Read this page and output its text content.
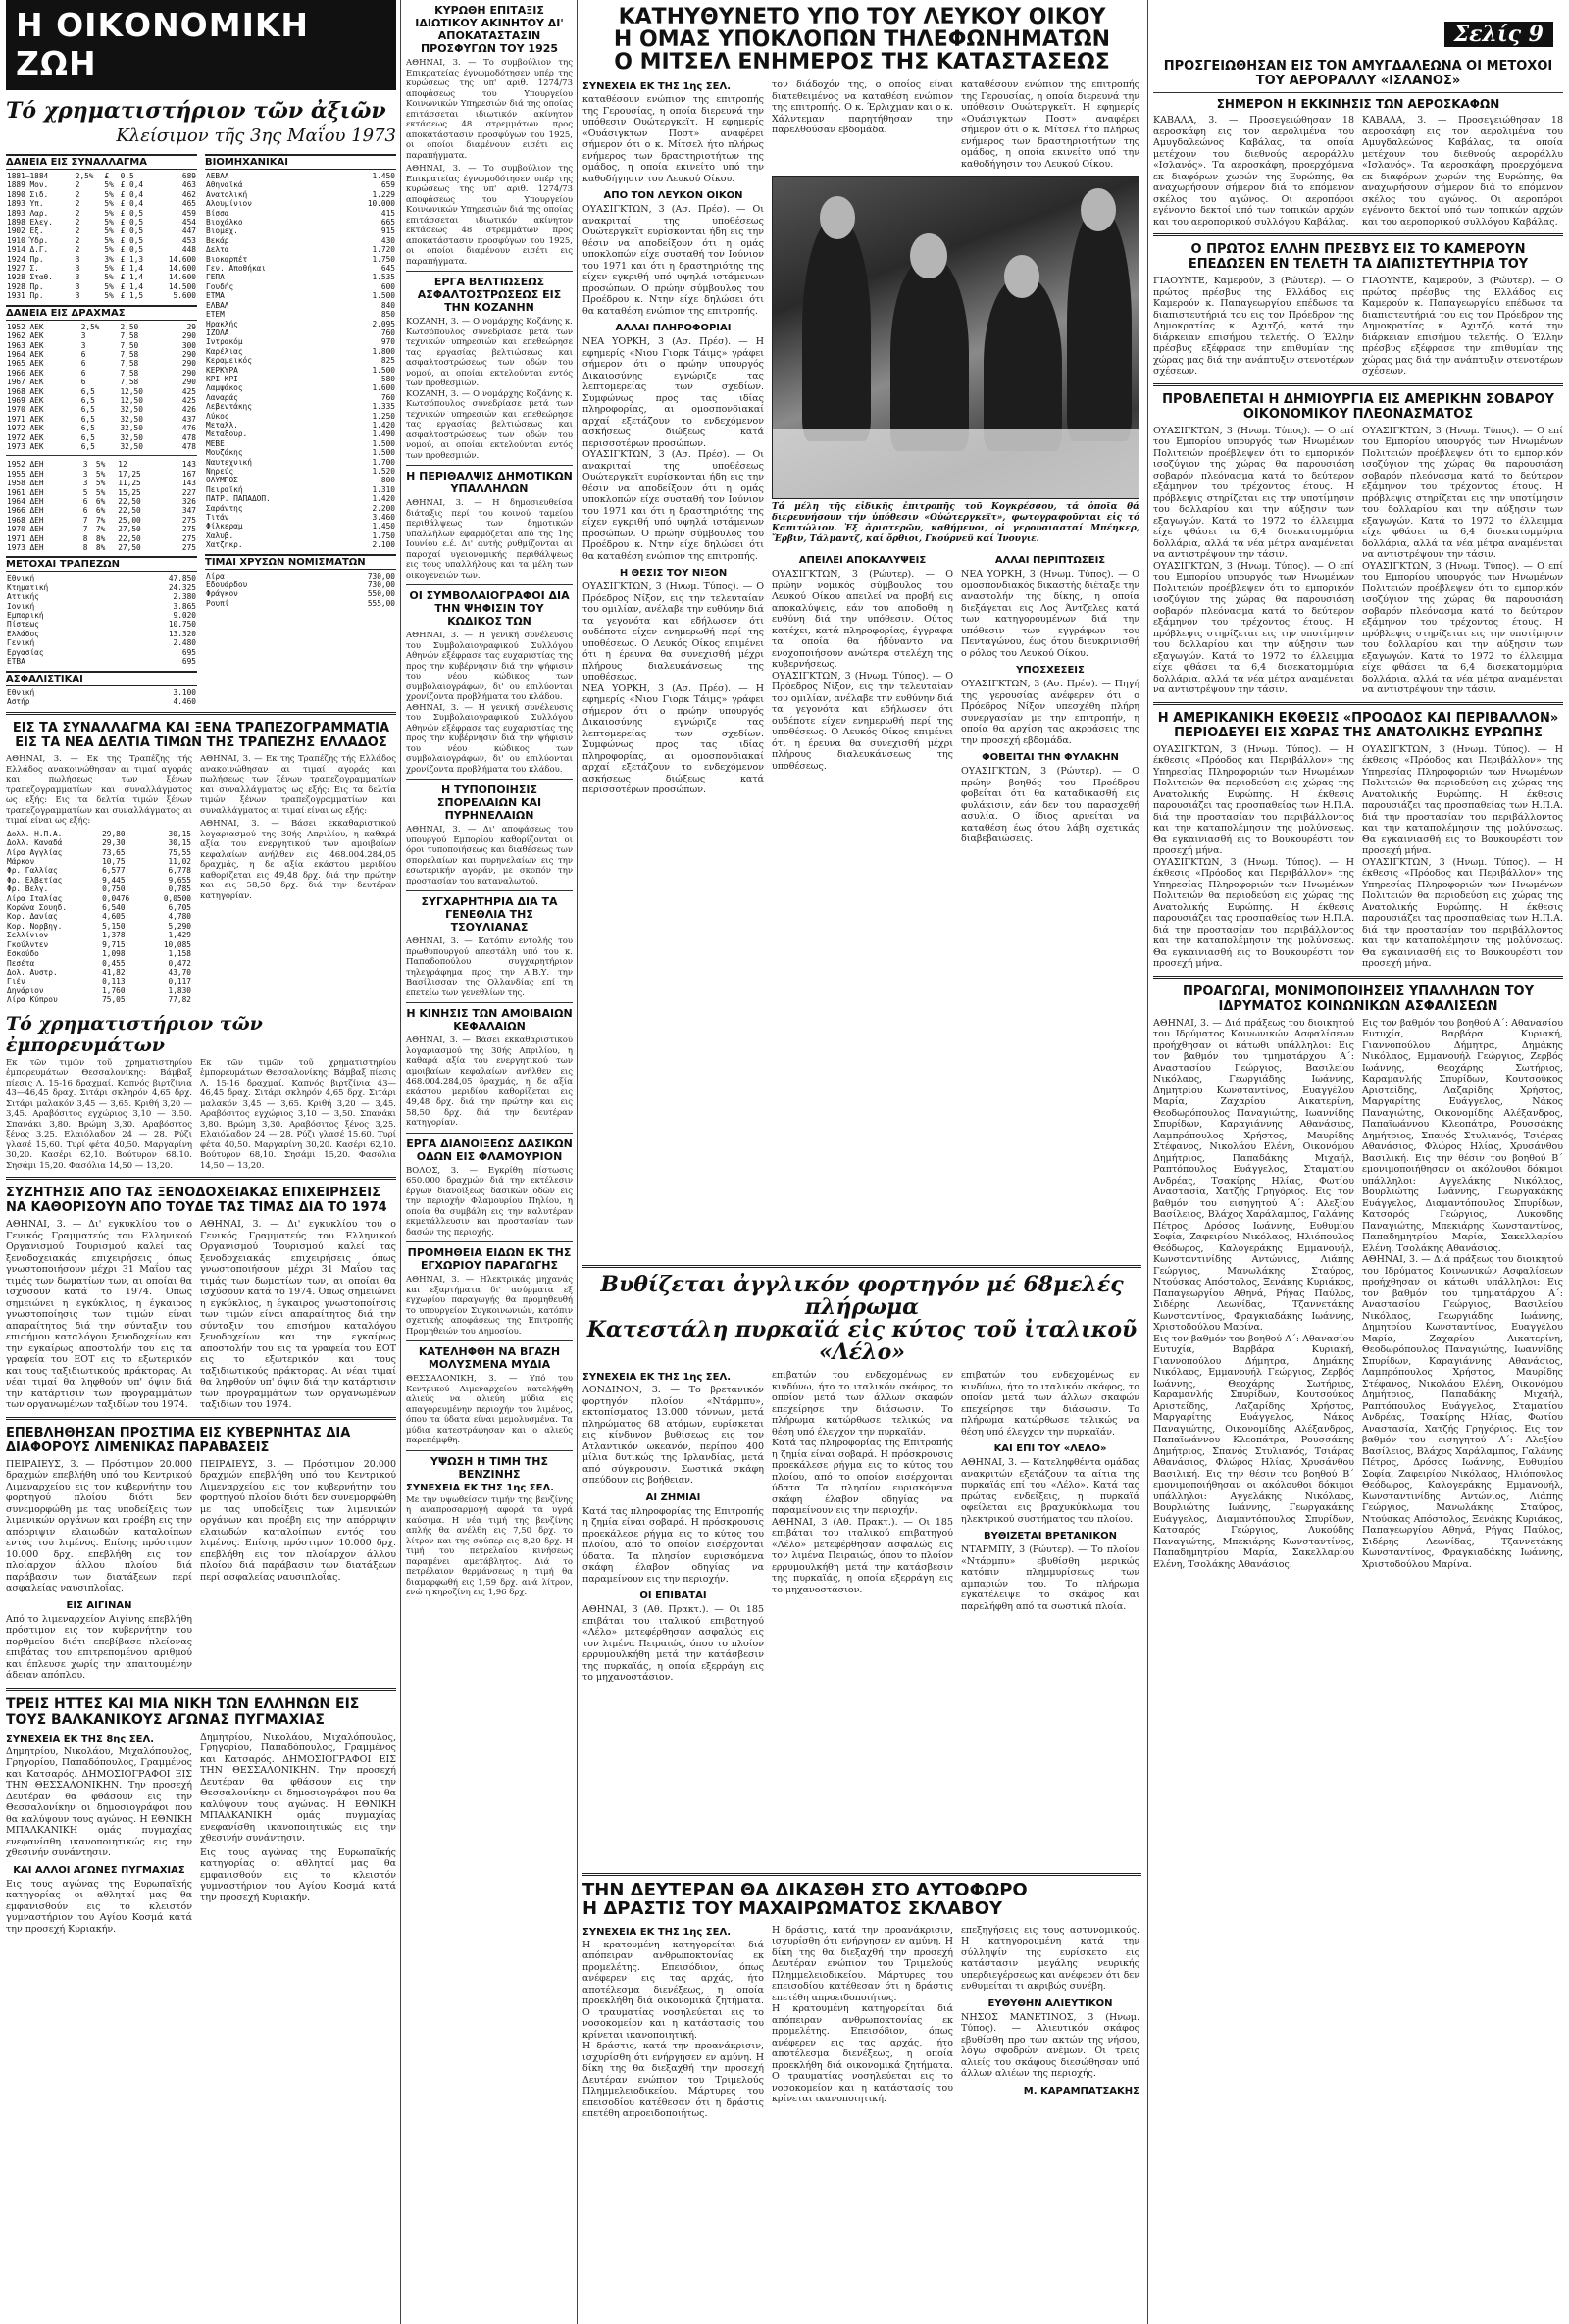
Σελίς 9
Η ΟΙΚΟΝΟΜΙΚΗ ΖΩΗ
Τό χρηματιστήριον τῶν ἀξιῶν
Κλείσιμον τῆς 3ης Μαΐου 1973
ΔΑΝΕΙΑ ΕΙΣ ΣΥΝΑΛΛΑΓΜΑ
1881—1884	2,5%	£	0,5	689
1889 Μον.	2	5%	£ 0,4	463
1890 Σιδ.	2	5%	£ 0,4	462
1893 Υπ.	2	5%	£ 0,4	465
1893 Λαρ.	2	5%	£ 0,5	459
1898 Ελεγ.	2	5%	£ 0,5	454
1902 Εξ.	2	5%	£ 0,5	447
1910 Ύδρ.	2	5%	£ 0,5	453
1914 Δ.Γ.	2	5%	£ 0,5	448
1924 Πρ.	3	3%	£ 1,3	14.600
1927 Σ.	3	5%	£ 1,4	14.600
1928 Σταθ.	3	5%	£ 1,4	14.600
1928 Πρ.	3	5%	£ 1,4	14.500
1931 Πρ.	3	5%	£ 1,5	5.600
ΔΑΝΕΙΑ ΕΙΣ ΔΡΑΧΜΑΣ
1952 ΑΕΚ	2,5%	2,50	29
1962 ΑΕΚ	3	7,58	290
1963 ΑΕΚ	3	7,50	300
1964 ΑΕΚ	6	7,58	290
1965 ΑΕΚ	6	7,58	290
1966 ΑΕΚ	6	7,58	290
1967 ΑΕΚ	6	7,58	290
1968 ΑΕΚ	6,5	12,50	425
1969 ΑΕΚ	6,5	12,50	425
1970 ΑΕΚ	6,5	32,50	426
1971 ΑΕΚ	6,5	32,50	437
1972 ΑΕΚ	6,5	32,50	476
1972 ΑΕΚ	6,5	32,50	478
1973 ΑΕΚ	6,5	32,50	478
1952 ΔΕΗ	3	5%	12	143
1955 ΔΕΗ	3	5%	17,25	167
1958 ΔΕΗ	3	5%	11,25	143
1961 ΔΕΗ	5	5%	15,25	227
1964 ΔΕΗ	6	6%	22,50	326
1966 ΔΕΗ	6	6%	22,50	347
1968 ΔΕΗ	7	7%	25,00	275
1970 ΔΕΗ	7	7%	27,50	275
1971 ΔΕΗ	8	8%	22,50	275
1973 ΔΕΗ	8	8%	27,50	275
ΜΕΤΟΧΑΙ ΤΡΑΠΕΖΩΝ
Εθνική	47.850
Κτηματική	24.325
Αττικής	2.380
Ιονική	3.865
Εμπορική	9.020
Πίστεως	10.750
Ελλάδος	13.320
Γενική	2.480
Εργασίας	695
ΕΤΒΑ	695
ΑΣΦΑΛΙΣΤΙΚΑΙ
Εθνική	3.100
Αστήρ	4.460
ΒΙΟΜΗΧΑΝΙΚΑΙ
ΑΕΒΑΛ	1.450
Αθηναϊκά	659
Ανατολική	1.229
Αλουμίνιον	10.000
Βίσσα	415
Βιοχάλκο	665
Βιομεχ.	915
Βεκάρ	430
Δελτα	1.720
Βιοκαρπέτ	1.750
Γεν. Αποθήκαι	645
ΓΕΠΑ	1.535
Γουδής	600
ΕΤΜΑ	1.500
ΕΛΒΑΛ	840
ΕΤΕΜ	850
Ηρακλής	2.095
ΙΖΟΛΑ	760
Ιντρακόμ	970
Καρέλιας	1.800
Κεραμεικός	825
ΚΕΡΚΥΡΑ	1.500
ΚΡΙ ΚΡΙ	580
Λαμψάκος	1.600
Λαναράς	760
Λεβεντάκης	1.335
Λύκος	1.250
Μεταλλ.	1.420
Μεταξουρ.	1.490
ΜΕΒΕ	1.500
Μουζάκης	1.500
Ναυτεχνική	1.700
Νηρεύς	1.520
ΟΛΥΜΠΟΣ	800
Πειραϊκή	1.310
ΠΑΤΡ. ΠΑΠΑΔΟΠ.	1.420
Σαράντης	2.200
Τιτάν	3.460
Φίλκεραμ	1.450
Χαλυβ.	1.750
Χατζηκρ.	2.100
ΤΙΜΑΙ ΧΡΥΣΩΝ ΝΟΜΙΣΜΑΤΩΝ
Λίρα	730,00
Εδουάρδου	730,00
Φράγκον	550,00
Ρουπί	555,00
ΕΙΣ ΤΑ ΣΥΝΑΛΛΑΓΜΑ ΚΑΙ ΞΕΝΑ ΤΡΑΠΕΖΟΓΡΑΜΜΑΤΙΑ ΕΙΣ ΤΑ ΝΕΑ ΔΕΛΤΙΑ ΤΙΜΩΝ ΤΗΣ ΤΡΑΠΕΖΗΣ ΕΛΛΑΔΟΣ
ΑΘΗΝΑΙ, 3. — Εκ της Τραπέζης τής Ελλάδος ανακοινώθησαν αι τιμαί αγοράς και πωλήσεως των ξένων τραπεζογραμματίων και συναλλάγματος ως εξής: Εις τα δελτία τιμών ξένων τραπεζογραμματίων και συναλλάγματος αι τιμαί είναι ως εξής:
Δολλ. Η.Π.Α.	29,80	30,15
Δολλ. Καναδά	29,30	30,15
Λίρα Αγγλίας	73,65	75,55
Μάρκον	10,75	11,02
Φρ. Γαλλίας	6,577	6,778
Φρ. Ελβετίας	9,445	9,655
Φρ. Βελγ.	0,750	0,785
Λίρα Ιταλίας	0,0476	0,0500
Κορώνα Σουηδ.	6,540	6,705
Κορ. Δανίας	4,605	4,780
Κορ. Νορβηγ.	5,150	5,290
Σελλίνιον	1,378	1,429
Γκούλντεν	9,715	10,085
Εσκούδο	1,098	1,158
Πεσέτα	0,455	0,472
Δολ. Αυστρ.	41,82	43,70
Γιέν	0,113	0,117
Δηνάριον	1,760	1,830
Λίρα Κύπρου	75,05	77,82
ΑΘΗΝΑΙ, 3. — Εκ της Τραπέζης τής Ελλάδος ανακοινώθησαν αι τιμαί αγοράς και πωλήσεως των ξένων τραπεζογραμματίων και συναλλάγματος ως εξής: Εις τα δελτία τιμών ξένων τραπεζογραμματίων και συναλλάγματος αι τιμαί είναι ως εξής:
ΑΘΗΝΑΙ, 3. — Βάσει εκκαθαριστικού λογαριασμού της 30ής Απριλίου, η καθαρά αξία του ενεργητικού των αμοιβαίων κεφαλαίων ανήλθεν εις 468.004.284,05 δραχμάς, η δε αξία εκάστου μεριδίου καθορίζεται εις 49,48 δρχ. διά την πρώτην και εις 58,50 δρχ. διά την δευτέραν κατηγορίαν.
Τό χρηματιστήριον τῶν ἐμπορευμάτων
Εκ τῶν τιμῶν τοῦ χρηματιστηρίου ἐμπορευμάτων Θεσσαλονίκης: Βάμβαξ πίεσις Λ. 15-16 δραχμαί. Καπνός βιρτζίνια 43—46,45 δραχ. Σιτάρι σκληρόν 4,65 δρχ. Σιτάρι μαλακόν 3,45 — 3,65. Κριθή 3,20 — 3,45. Αραβόσιτος εγχώριος 3,10 — 3,50. Σπανάκι 3,80. Βρώμη 3,30. Αραβόσιτος ξένος 3,25. Ελαιόλαδον 24 — 28. Ρύζι γλασέ 15,60. Τυρί φέτα 40,50. Μαργαρίνη 30,20. Κασέρι 62,10. Βούτυρον 68,10. Σησάμι 15,20. Φασόλια 14,50 — 13,20.
Εκ τῶν τιμῶν τοῦ χρηματιστηρίου ἐμπορευμάτων Θεσσαλονίκης: Βάμβαξ πίεσις Λ. 15-16 δραχμαί. Καπνός βιρτζίνια 43—46,45 δραχ. Σιτάρι σκληρόν 4,65 δρχ. Σιτάρι μαλακόν 3,45 — 3,65. Κριθή 3,20 — 3,45. Αραβόσιτος εγχώριος 3,10 — 3,50. Σπανάκι 3,80. Βρώμη 3,30. Αραβόσιτος ξένος 3,25. Ελαιόλαδον 24 — 28. Ρύζι γλασέ 15,60. Τυρί φέτα 40,50. Μαργαρίνη 30,20. Κασέρι 62,10. Βούτυρον 68,10. Σησάμι 15,20. Φασόλια 14,50 — 13,20.
ΣΥΖΗΤΗΣΙΣ ΑΠΟ ΤΑΣ ΞΕΝΟΔΟΧΕΙΑΚΑΣ ΕΠΙΧΕΙΡΗΣΕΙΣ ΝΑ ΚΑΘΟΡΙΣΟΥΝ ΑΠΟ ΤΟΥΔΕ ΤΑΣ ΤΙΜΑΣ ΔΙΑ ΤΟ 1974
ΑΘΗΝΑΙ, 3. — Δι' εγκυκλίου του ο Γενικός Γραμματεύς του Ελληνικού Οργανισμού Τουρισμού καλεί τας ξενοδοχειακάς επιχειρήσεις όπως γνωστοποιήσουν μέχρι 31 Μαΐου τας τιμάς των δωματίων των, αι οποίαι θα ισχύσουν κατά το 1974. Όπως σημειώνει η εγκύκλιος, η έγκαιρος γνωστοποίησις των τιμών είναι απαραίτητος διά την σύνταξιν του επισήμου καταλόγου ξενοδοχείων και την εγκαίρως αποστολήν του εις τα γραφεία του ΕΟΤ εις το εξωτερικόν και τους ταξιδιωτικούς πράκτορας. Αι νέαι τιμαί θα ληφθούν υπ' όψιν διά την κατάρτισιν των προγραμμάτων των οργανωμένων ταξιδίων του 1974.
ΑΘΗΝΑΙ, 3. — Δι' εγκυκλίου του ο Γενικός Γραμματεύς του Ελληνικού Οργανισμού Τουρισμού καλεί τας ξενοδοχειακάς επιχειρήσεις όπως γνωστοποιήσουν μέχρι 31 Μαΐου τας τιμάς των δωματίων των, αι οποίαι θα ισχύσουν κατά το 1974. Όπως σημειώνει η εγκύκλιος, η έγκαιρος γνωστοποίησις των τιμών είναι απαραίτητος διά την σύνταξιν του επισήμου καταλόγου ξενοδοχείων και την εγκαίρως αποστολήν του εις τα γραφεία του ΕΟΤ εις το εξωτερικόν και τους ταξιδιωτικούς πράκτορας. Αι νέαι τιμαί θα ληφθούν υπ' όψιν διά την κατάρτισιν των προγραμμάτων των οργανωμένων ταξιδίων του 1974.
ΕΠΕΒΛΗΘΗΣΑΝ ΠΡΟΣΤΙΜΑ ΕΙΣ ΚΥΒΕΡΝΗΤΑΣ ΔΙΑ ΔΙΑΦΟΡΟΥΣ ΛΙΜΕΝΙΚΑΣ ΠΑΡΑΒΑΣΕΙΣ
ΠΕΙΡΑΙΕΥΣ, 3. — Πρόστιμον 20.000 δραχμών επεβλήθη υπό του Κεντρικού Λιμεναρχείου εις τον κυβερνήτην του φορτηγού πλοίου διότι δεν συνεμορφώθη με τας υποδείξεις των λιμενικών οργάνων και προέβη εις την απόρριψιν ελαιωδών καταλοίπων εντός του λιμένος. Επίσης πρόστιμον 10.000 δρχ. επεβλήθη εις τον πλοίαρχον άλλου πλοίου διά παράβασιν των διατάξεων περί ασφαλείας ναυσιπλοΐας.
ΕΙΣ ΑΙΓΙΝΑΝ
Από το λιμεναρχείον Αιγίνης επεβλήθη πρόστιμον εις τον κυβερνήτην του πορθμείου διότι επεβίβασε πλείονας επιβάτας του επιτρεπομένου αριθμού και έπλευσε χωρίς την απαιτουμένην άδειαν απόπλου.
ΠΕΙΡΑΙΕΥΣ, 3. — Πρόστιμον 20.000 δραχμών επεβλήθη υπό του Κεντρικού Λιμεναρχείου εις τον κυβερνήτην του φορτηγού πλοίου διότι δεν συνεμορφώθη με τας υποδείξεις των λιμενικών οργάνων και προέβη εις την απόρριψιν ελαιωδών καταλοίπων εντός του λιμένος. Επίσης πρόστιμον 10.000 δρχ. επεβλήθη εις τον πλοίαρχον άλλου πλοίου διά παράβασιν των διατάξεων περί ασφαλείας ναυσιπλοΐας.
ΤΡΕΙΣ ΗΤΤΕΣ ΚΑΙ ΜΙΑ ΝΙΚΗ ΤΩΝ ΕΛΛΗΝΩΝ ΕΙΣ ΤΟΥΣ ΒΑΛΚΑΝΙΚΟΥΣ ΑΓΩΝΑΣ ΠΥΓΜΑΧΙΑΣ
ΣΥΝΕΧΕΙΑ ΕΚ ΤΗΣ 8ης ΣΕΛ.
Δημητρίου, Νικολάου, Μιχαλόπουλος, Γρηγορίου, Παπαδόπουλος, Γραμμένος και Κατσαρός. ΔΗΜΟΣΙΟΓΡΑΦΟΙ ΕΙΣ ΤΗΝ ΘΕΣΣΑΛΟΝΙΚΗΝ. Την προσεχή Δευτέραν θα φθάσουν εις την Θεσσαλονίκην οι δημοσιογράφοι που θα καλύψουν τους αγώνας. Η ΕΘΝΙΚΗ ΜΠΑΛΚΑΝΙΚΗ ομάς πυγμαχίας ενεφανίσθη ικανοποιητικώς εις την χθεσινήν συνάντησιν.
ΚΑΙ ΑΛΛΟΙ ΑΓΩΝΕΣ ΠΥΓΜΑΧΙΑΣ
Εις τους αγώνας της Ευρωπαϊκής κατηγορίας οι αθληταί μας θα εμφανισθούν εις το κλειστόν γυμναστήριον του Αγίου Κοσμά κατά την προσεχή Κυριακήν.
Δημητρίου, Νικολάου, Μιχαλόπουλος, Γρηγορίου, Παπαδόπουλος, Γραμμένος και Κατσαρός. ΔΗΜΟΣΙΟΓΡΑΦΟΙ ΕΙΣ ΤΗΝ ΘΕΣΣΑΛΟΝΙΚΗΝ. Την προσεχή Δευτέραν θα φθάσουν εις την Θεσσαλονίκην οι δημοσιογράφοι που θα καλύψουν τους αγώνας. Η ΕΘΝΙΚΗ ΜΠΑΛΚΑΝΙΚΗ ομάς πυγμαχίας ενεφανίσθη ικανοποιητικώς εις την χθεσινήν συνάντησιν.
Εις τους αγώνας της Ευρωπαϊκής κατηγορίας οι αθληταί μας θα εμφανισθούν εις το κλειστόν γυμναστήριον του Αγίου Κοσμά κατά την προσεχή Κυριακήν.
ΚΥΡΩΘΗ ΕΠΙΤΑΞΙΣ ΙΔΙΩΤΙΚΟΥ ΑΚΙΝΗΤΟΥ ΔΙ' ΑΠΟΚΑΤΑΣΤΑΣΙΝ ΠΡΟΣΦΥΓΩΝ ΤΟΥ 1925
ΑΘΗΝΑΙ, 3. — Το συμβούλιον της Επικρατείας έγνωμοδότησεν υπέρ της κυρώσεως της υπ' αριθ. 1274/73 αποφάσεως του Υπουργείου Κοινωνικών Υπηρεσιών διά της οποίας επιτάσσεται ιδιωτικόν ακίνητον εκτάσεως 48 στρεμμάτων προς αποκατάστασιν προσφύγων του 1925, οι οποίοι διαμένουν εισέτι εις παραπήγματα.
ΑΘΗΝΑΙ, 3. — Το συμβούλιον της Επικρατείας έγνωμοδότησεν υπέρ της κυρώσεως της υπ' αριθ. 1274/73 αποφάσεως του Υπουργείου Κοινωνικών Υπηρεσιών διά της οποίας επιτάσσεται ιδιωτικόν ακίνητον εκτάσεως 48 στρεμμάτων προς αποκατάστασιν προσφύγων του 1925, οι οποίοι διαμένουν εισέτι εις παραπήγματα.
ΕΡΓΑ ΒΕΛΤΙΩΣΕΩΣ ΑΣΦΑΛΤΟΣΤΡΩΣΕΩΣ ΕΙΣ ΤΗΝ ΚΟΖΑΝΗΝ
ΚΟΖΑΝΗ, 3. — Ο νομάρχης Κοζάνης κ. Κωτσόπουλος συνεδρίασε μετά των τεχνικών υπηρεσιών και επεθεώρησε τας εργασίας βελτιώσεως και ασφαλτοστρώσεως των οδών του νομού, αι οποίαι εκτελούνται εντός των προθεσμιών.
ΚΟΖΑΝΗ, 3. — Ο νομάρχης Κοζάνης κ. Κωτσόπουλος συνεδρίασε μετά των τεχνικών υπηρεσιών και επεθεώρησε τας εργασίας βελτιώσεως και ασφαλτοστρώσεως των οδών του νομού, αι οποίαι εκτελούνται εντός των προθεσμιών.
Η ΠΕΡΙΘΑΛΨΙΣ ΔΗΜΟΤΙΚΩΝ ΥΠΑΛΛΗΛΩΝ
ΑΘΗΝΑΙ, 3. — Η δημοσιευθείσα διάταξις περί του κοινού ταμείου περιθάλψεως των δημοτικών υπαλλήλων εφαρμόζεται από της 1ης Ιουνίου ε.έ. Δι' αυτής ρυθμίζονται αι παροχαί υγειονομικής περιθάλψεως εις τους υπαλλήλους και τα μέλη των οικογενειών των.
ΟΙ ΣΥΜΒΟΛΑΙΟΓΡΑΦΟΙ ΔΙΑ ΤΗΝ ΨΗΦΙΣΙΝ ΤΟΥ ΚΩΔΙΚΟΣ ΤΩΝ
ΑΘΗΝΑΙ, 3. — Η γενική συνέλευσις του Συμβολαιογραφικού Συλλόγου Αθηνών εξέφρασε τας ευχαριστίας της προς την κυβέρνησιν διά την ψήφισιν του νέου κώδικος των συμβολαιογράφων, δι' ου επιλύονται χρονίζοντα προβλήματα του κλάδου.
ΑΘΗΝΑΙ, 3. — Η γενική συνέλευσις του Συμβολαιογραφικού Συλλόγου Αθηνών εξέφρασε τας ευχαριστίας της προς την κυβέρνησιν διά την ψήφισιν του νέου κώδικος των συμβολαιογράφων, δι' ου επιλύονται χρονίζοντα προβλήματα του κλάδου.
Η ΤΥΠΟΠΟΙΗΣΙΣ ΣΠΟΡΕΛΑΙΩΝ ΚΑΙ ΠΥΡΗΝΕΛΑΙΩΝ
ΑΘΗΝΑΙ, 3. — Δι' αποφάσεως του υπουργού Εμπορίου καθορίζονται οι όροι τυποποιήσεως και διαθέσεως των σπορελαίων και πυρηνελαίων εις την εσωτερικήν αγοράν, με σκοπόν την προστασίαν του καταναλωτού.
ΣΥΓΧΑΡΗΤΗΡΙΑ ΔΙΑ ΤΑ ΓΕΝΕΘΛΙΑ ΤΗΣ ΤΣΟΥΛΙΑΝΑΣ
ΑΘΗΝΑΙ, 3. — Κατόπιν εντολής του πρωθυπουργού απεστάλη υπό του κ. Παπαδοπούλου συγχαρητήριον τηλεγράφημα προς την Α.Β.Υ. την Βασίλισσαν της Ολλανδίας επί τη επετείω των γενεθλίων της.
Η ΚΙΝΗΣΙΣ ΤΩΝ ΑΜΟΙΒΑΙΩΝ ΚΕΦΑΛΑΙΩΝ
ΑΘΗΝΑΙ, 3. — Βάσει εκκαθαριστικού λογαριασμού της 30ής Απριλίου, η καθαρά αξία του ενεργητικού των αμοιβαίων κεφαλαίων ανήλθεν εις 468.004.284,05 δραχμάς, η δε αξία εκάστου μεριδίου καθορίζεται εις 49,48 δρχ. διά την πρώτην και εις 58,50 δρχ. διά την δευτέραν κατηγορίαν.
ΕΡΓΑ ΔΙΑΝΟΙΞΕΩΣ ΔΑΣΙΚΩΝ ΟΔΩΝ ΕΙΣ ΦΛΑΜΟΥΡΙΟΝ
ΒΟΛΟΣ, 3. — Εγκρίθη πίστωσις 650.000 δραχμών διά την εκτέλεσιν έργων διανοίξεως δασικών οδών εις την περιοχήν Φλαμουρίου Πηλίου, η οποία θα συμβάλη εις την καλυτέραν εκμετάλλευσιν και προστασίαν των δασών της περιοχής.
ΠΡΟΜΗΘΕΙΑ ΕΙΔΩΝ ΕΚ ΤΗΣ ΕΓΧΩΡΙΟΥ ΠΑΡΑΓΩΓΗΣ
ΑΘΗΝΑΙ, 3. — Ηλεκτρικάς μηχανάς και εξαρτήματα δι' ασύρματα εξ εγχωρίου παραγωγής θα προμηθευθή το υπουργείον Συγκοινωνιών, κατόπιν σχετικής αποφάσεως της Επιτροπής Προμηθειών του Δημοσίου.
ΚΑΤΕΛΗΦΘΗ ΝΑ ΒΓΑΖΗ ΜΟΛΥΣΜΕΝΑ ΜΥΔΙΑ
ΘΕΣΣΑΛΟΝΙΚΗ, 3. — Υπό του Κεντρικού Λιμεναρχείου κατελήφθη αλιεύς να αλιεύη μύδια εις απαγορευμένην περιοχήν του λιμένος, όπου τα ύδατα είναι μεμολυσμένα. Τα μύδια κατεστράφησαν και ο αλιεύς παρεπέμφθη.
ΥΨΩΣΗ Η ΤΙΜΗ ΤΗΣ ΒΕΝΖΙΝΗΣ
ΣΥΝΕΧΕΙΑ ΕΚ ΤΗΣ 1ης ΣΕΛ.
Με την υψωθείσαν τιμήν της βενζίνης η αναπροσαρμογή αφορά τα υγρά καύσιμα. Η νέα τιμή της βενζίνης απλής θα ανέλθη εις 7,50 δρχ. το λίτρον και της σούπερ εις 8,20 δρχ. Η τιμή του πετρελαίου κινήσεως παραμένει αμετάβλητος. Διά το πετρέλαιον θερμάνσεως η τιμή θα διαμορφωθή εις 1,59 δρχ. ανά λίτρον, ενώ η κηροζίνη εις 1,96 δρχ.
ΚΑΤΗΥΘΥΝΕΤΟ ΥΠΟ ΤΟΥ ΛΕΥΚΟΥ ΟΙΚΟΥ
Η ΟΜΑΣ ΥΠΟΚΛΟΠΩΝ ΤΗΛΕΦΩΝΗΜΑΤΩΝ
Ο ΜΙΤΣΕΛ ΕΝΗΜΕΡΟΣ ΤΗΣ ΚΑΤΑΣΤΑΣΕΩΣ
ΣΥΝΕΧΕΙΑ ΕΚ ΤΗΣ 1ης ΣΕΛ.
καταθέσουν ενώπιον της επιτροπής της Γερουσίας, η οποία διερευνά την υπόθεσιν Ουώτεργκεϊτ. Η εφημερίς «Ουάσιγκτων Ποστ» αναφέρει σήμερον ότι ο κ. Μίτσελ ήτο πλήρως ενήμερος των δραστηριοτήτων της ομάδος, η οποία εκινείτο υπό την καθοδήγησιν του Λευκού Οίκου.
ΑΠΟ ΤΟΝ ΛΕΥΚΟΝ ΟΙΚΟΝ
ΟΥΑΣΙΓΚΤΩΝ, 3 (Ασ. Πρέσ). — Οι ανακριταί της υποθέσεως Ουώτεργκεϊτ ευρίσκονται ήδη εις την θέσιν να αποδείξουν ότι η ομάς υποκλοπών είχε συσταθή τον Ιούνιον του 1971 και ότι η δραστηριότης της είχεν εγκριθή υπό υψηλά ιστάμενων προσώπων. Ο πρώην σύμβουλος του Προέδρου κ. Ντην είχε δηλώσει ότι θα καταθέση ενώπιον της επιτροπής.
ΑΛΛΑΙ ΠΛΗΡΟΦΟΡΙΑΙ
ΝΕΑ ΥΟΡΚΗ, 3 (Ασ. Πρέσ). — Η εφημερίς «Νιου Γιορκ Τάιμς» γράφει σήμερον ότι ο πρώην υπουργός Δικαιοσύνης εγνώριζε τας λεπτομερείας των σχεδίων. Συμφώνως προς τας ιδίας πληροφορίας, αι ομοσπονδιακαί αρχαί εξετάζουν το ενδεχόμενον ασκήσεως διώξεως κατά περισσοτέρων προσώπων.
ΟΥΑΣΙΓΚΤΩΝ, 3 (Ασ. Πρέσ). — Οι ανακριταί της υποθέσεως Ουώτεργκεϊτ ευρίσκονται ήδη εις την θέσιν να αποδείξουν ότι η ομάς υποκλοπών είχε συσταθή τον Ιούνιον του 1971 και ότι η δραστηριότης της είχεν εγκριθή υπό υψηλά ιστάμενων προσώπων. Ο πρώην σύμβουλος του Προέδρου κ. Ντην είχε δηλώσει ότι θα καταθέση ενώπιον της επιτροπής.
Η ΘΕΣΙΣ ΤΟΥ ΝΙΞΟΝ
ΟΥΑΣΙΓΚΤΩΝ, 3 (Ηνωμ. Τύπος). — Ο Πρόεδρος Νίξον, εις την τελευταίαν του ομιλίαν, ανέλαβε την ευθύνην διά τα γεγονότα και εδήλωσεν ότι ουδέποτε είχεν ενημερωθή περί της υποθέσεως. Ο Λευκός Οίκος επιμένει ότι η έρευνα θα συνεχισθή μέχρι πλήρους διαλευκάνσεως της υποθέσεως.
ΝΕΑ ΥΟΡΚΗ, 3 (Ασ. Πρέσ). — Η εφημερίς «Νιου Γιορκ Τάιμς» γράφει σήμερον ότι ο πρώην υπουργός Δικαιοσύνης εγνώριζε τας λεπτομερείας των σχεδίων. Συμφώνως προς τας ιδίας πληροφορίας, αι ομοσπονδιακαί αρχαί εξετάζουν το ενδεχόμενον ασκήσεως διώξεως κατά περισσοτέρων προσώπων.
τον διάδοχόν της, ο οποίος είναι διατεθειμένος να καταθέση ενώπιον της επιτροπής. Ο κ. Έρλιχμαν και ο κ. Χάλντεμαν παρητήθησαν την παρελθούσαν εβδομάδα.
καταθέσουν ενώπιον της επιτροπής της Γερουσίας, η οποία διερευνά την υπόθεσιν Ουώτεργκεϊτ. Η εφημερίς «Ουάσιγκτων Ποστ» αναφέρει σήμερον ότι ο κ. Μίτσελ ήτο πλήρως ενήμερος των δραστηριοτήτων της ομάδος, η οποία εκινείτο υπό την καθοδήγησιν του Λευκού Οίκου.
Τά μέλη τῆς εἰδικῆς ἐπιτροπῆς τοῦ Κογκρέσσου, τά ὁποῖα θά διερευνήσουν τήν ὑπόθεσιν «Οὐώτεργκεϊτ», φωτογραφοῦνται εἰς τό Καπιτώλιον. Ἐξ ἀριστερῶν, καθήμενοι, οἱ γερουσιασταί Μπέηκερ, Ἔρβιν, Τάλμαντζ, καί ὄρθιοι, Γκούρνεϋ καί Ἰνουγιε.
ΑΠΕΙΛΕΙ ΑΠΟΚΑΛΥΨΕΙΣ
ΟΥΑΣΙΓΚΤΩΝ, 3 (Ρώυτερ). — Ο πρώην νομικός σύμβουλος του Λευκού Οίκου απειλεί να προβή εις αποκαλύψεις, εάν του αποδοθή η ευθύνη διά την υπόθεσιν. Ούτος κατέχει, κατά πληροφορίας, έγγραφα τα οποία θα ήδύναντο να ενοχοποιήσουν ανώτερα στελέχη της κυβερνήσεως.
ΟΥΑΣΙΓΚΤΩΝ, 3 (Ηνωμ. Τύπος). — Ο Πρόεδρος Νίξον, εις την τελευταίαν του ομιλίαν, ανέλαβε την ευθύνην διά τα γεγονότα και εδήλωσεν ότι ουδέποτε είχεν ενημερωθή περί της υποθέσεως. Ο Λευκός Οίκος επιμένει ότι η έρευνα θα συνεχισθή μέχρι πλήρους διαλευκάνσεως της υποθέσεως.
ΑΛΛΑΙ ΠΕΡΙΠΤΩΣΕΙΣ
ΝΕΑ ΥΟΡΚΗ, 3 (Ηνωμ. Τύπος). — Ο ομοσπονδιακός δικαστής διέταξε την αναστολήν της δίκης, η οποία διεξάγεται εις Λος Άντζελες κατά των κατηγορουμένων διά την υπόθεσιν των εγγράφων του Πενταγώνου, έως ότου διευκρινισθή ο ρόλος του Λευκού Οίκου.
ΥΠΟΣΧΕΣΕΙΣ
ΟΥΑΣΙΓΚΤΩΝ, 3 (Ασ. Πρέσ). — Πηγή της γερουσίας ανέφερεν ότι ο Πρόεδρος Νίξον υπεσχέθη πλήρη συνεργασίαν με την επιτροπήν, η οποία θα αρχίση τας ακροάσεις της την προσεχή εβδομάδα.
ΦΟΒΕΙΤΑΙ ΤΗΝ ΦΥΛΑΚΗΝ
ΟΥΑΣΙΓΚΤΩΝ, 3 (Ρώυτερ). — Ο πρώην βοηθός του Προέδρου φοβείται ότι θα καταδικασθή εις φυλάκισιν, εάν δεν του παρασχεθή ασυλία. Ο ίδιος αρνείται να καταθέση έως ότου λάβη σχετικάς διαβεβαιώσεις.
Βυθίζεται ἀγγλικόν φορτηγόν μέ 68μελές πλήρωμα
Κατεστάλη πυρκαϊά εἰς κύτος τοῦ ἰταλικοῦ «Λέλο»
ΣΥΝΕΧΕΙΑ ΕΚ ΤΗΣ 1ης ΣΕΛ.
ΛΟΝΔΙΝΟΝ, 3. — Το βρετανικόν φορτηγόν πλοίον «Ντάρμπυ», εκτοπίσματος 13.000 τόννων, μετά πληρώματος 68 ατόμων, ευρίσκεται εις κίνδυνον βυθίσεως εις τον Ατλαντικόν ωκεανόν, περίπου 400 μίλια δυτικώς της Ιρλανδίας, μετά από σύγκρουσιν. Σωστικά σκάφη σπεύδουν εις βοήθειαν.
ΑΙ ΖΗΜΙΑΙ
Κατά τας πληροφορίας της Επιτροπής η ζημία είναι σοβαρά. Η πρόσκρουσις προεκάλεσε ρήγμα εις το κύτος του πλοίου, από το οποίον εισέρχονται ύδατα. Τα πλησίον ευρισκόμενα σκάφη έλαβον οδηγίας να παραμείνουν εις την περιοχήν.
ΟΙ ΕΠΙΒΑΤΑΙ
ΑΘΗΝΑΙ, 3 (Αθ. Πρακτ.). — Οι 185 επιβάται του ιταλικού επιβατηγού «Λέλο» μετεφέρθησαν ασφαλώς εις τον λιμένα Πειραιώς, όπου το πλοίον ερρυμουλκήθη μετά την κατάσβεσιν της πυρκαϊάς, η οποία εξερράγη εις το μηχανοστάσιον.
επιβατών του ενδεχομένως εν κινδύνω, ήτο το ιταλικόν σκάφος, το οποίον μετά των άλλων σκαφών επεχείρησε την διάσωσιν. Το πλήρωμα κατώρθωσε τελικώς να θέση υπό έλεγχον την πυρκαϊάν.
Κατά τας πληροφορίας της Επιτροπής η ζημία είναι σοβαρά. Η πρόσκρουσις προεκάλεσε ρήγμα εις το κύτος του πλοίου, από το οποίον εισέρχονται ύδατα. Τα πλησίον ευρισκόμενα σκάφη έλαβον οδηγίας να παραμείνουν εις την περιοχήν.
ΑΘΗΝΑΙ, 3 (Αθ. Πρακτ.). — Οι 185 επιβάται του ιταλικού επιβατηγού «Λέλο» μετεφέρθησαν ασφαλώς εις τον λιμένα Πειραιώς, όπου το πλοίον ερρυμουλκήθη μετά την κατάσβεσιν της πυρκαϊάς, η οποία εξερράγη εις το μηχανοστάσιον.
επιβατών του ενδεχομένως εν κινδύνω, ήτο το ιταλικόν σκάφος, το οποίον μετά των άλλων σκαφών επεχείρησε την διάσωσιν. Το πλήρωμα κατώρθωσε τελικώς να θέση υπό έλεγχον την πυρκαϊάν.
ΚΑΙ ΕΠΙ ΤΟΥ «ΛΕΛΟ»
ΑΘΗΝΑΙ, 3. — Κατεληφθέντα ομάδας ανακριτών εξετάζουν τα αίτια της πυρκαϊάς επί του «Λέλο». Κατά τας πρώτας ενδείξεις, η πυρκαϊά οφείλεται εις βραχυκύκλωμα του ηλεκτρικού συστήματος του πλοίου.
ΒΥΘΙΖΕΤΑΙ ΒΡΕΤΑΝΙΚΟΝ
ΝΤΑΡΜΠΥ, 3 (Ρώυτερ). — Το πλοίον «Ντάρμπυ» εβυθίσθη μερικώς κατόπιν πλημμυρίσεως των αμπαριών του. Το πλήρωμα εγκατέλειψε το σκάφος και παρελήφθη από τα σωστικά πλοία.
ΤΗΝ ΔΕΥΤΕΡΑΝ ΘΑ ΔΙΚΑΣΘΗ ΣΤΟ ΑΥΤΟΦΩΡΟ
Η ΔΡΑΣΤΙΣ ΤΟΥ ΜΑΧΑΙΡΩΜΑΤΟΣ ΣΚΛΑΒΟΥ
ΣΥΝΕΧΕΙΑ ΕΚ ΤΗΣ 1ης ΣΕΛ.
Η κρατουμένη κατηγορείται διά απόπειραν ανθρωποκτονίας εκ προμελέτης. Επεισόδιον, όπως ανέφερεν εις τας αρχάς, ήτο αποτέλεσμα διενέξεως, η οποία προεκλήθη διά οικονομικά ζητήματα. Ο τραυματίας νοσηλεύεται εις το νοσοκομείον και η κατάστασίς του κρίνεται ικανοποιητική.
Η δράστις, κατά την προανάκρισιν, ισχυρίσθη ότι ενήργησεν εν αμύνη. Η δίκη της θα διεξαχθή την προσεχή Δευτέραν ενώπιον του Τριμελούς Πλημμελειοδικείου. Μάρτυρες του επεισοδίου κατέθεσαν ότι η δράστις επετέθη απροειδοποιήτως.
Η δράστις, κατά την προανάκρισιν, ισχυρίσθη ότι ενήργησεν εν αμύνη. Η δίκη της θα διεξαχθή την προσεχή Δευτέραν ενώπιον του Τριμελούς Πλημμελειοδικείου. Μάρτυρες του επεισοδίου κατέθεσαν ότι η δράστις επετέθη απροειδοποιήτως.
Η κρατουμένη κατηγορείται διά απόπειραν ανθρωποκτονίας εκ προμελέτης. Επεισόδιον, όπως ανέφερεν εις τας αρχάς, ήτο αποτέλεσμα διενέξεως, η οποία προεκλήθη διά οικονομικά ζητήματα. Ο τραυματίας νοσηλεύεται εις το νοσοκομείον και η κατάστασίς του κρίνεται ικανοποιητική.
επεξηγήσεις εις τους αστυνομικούς. Η κατηγορουμένη κατά την σύλληψίν της ευρίσκετο εις κατάστασιν μεγάλης νευρικής υπερδιεγέρσεως και ανέφερεν ότι δεν ενθυμείται τι ακριβώς συνέβη.
ΕΥΘΥΘΗΝ ΑΛΙΕΥΤΙΚΟΝ
ΝΗΣΟΣ ΜΑΝΕΤΙΝΟΣ, 3 (Ηνωμ. Τύπος). — Αλιευτικόν σκάφος εβυθίσθη προ των ακτών της νήσου, λόγω σφοδρών ανέμων. Οι τρεις αλιείς του σκάφους διεσώθησαν υπό άλλων αλιέων της περιοχής.
Μ. ΚΑΡΑΜΠΑΤΣΑΚΗΣ
ΠΡΟΣΓΕΙΩΘΗΣΑΝ ΕΙΣ ΤΟΝ ΑΜΥΓΔΑΛΕΩΝΑ ΟΙ ΜΕΤΟΧΟΙ ΤΟΥ ΑΕΡΟΡΑΛΛΥ «ΙΣΛΑΝΟΣ»
ΣΗΜΕΡΟΝ Η ΕΚΚΙΝΗΣΙΣ ΤΩΝ ΑΕΡΟΣΚΑΦΩΝ
ΚΑΒΑΛΑ, 3. — Προσεγειώθησαν 18 αεροσκάφη εις τον αερολιμένα του Αμυγδαλεώνος Καβάλας, τα οποία μετέχουν του διεθνούς αεροράλλυ «Ισλανός». Τα αεροσκάφη, προερχόμενα εκ διαφόρων χωρών της Ευρώπης, θα αναχωρήσουν σήμερον διά το επόμενον σκέλος του αγώνος. Οι αεροπόροι εγένοντο δεκτοί υπό των τοπικών αρχών και του αεροπορικού συλλόγου Καβάλας.
ΚΑΒΑΛΑ, 3. — Προσεγειώθησαν 18 αεροσκάφη εις τον αερολιμένα του Αμυγδαλεώνος Καβάλας, τα οποία μετέχουν του διεθνούς αεροράλλυ «Ισλανός». Τα αεροσκάφη, προερχόμενα εκ διαφόρων χωρών της Ευρώπης, θα αναχωρήσουν σήμερον διά το επόμενον σκέλος του αγώνος. Οι αεροπόροι εγένοντο δεκτοί υπό των τοπικών αρχών και του αεροπορικού συλλόγου Καβάλας.
Ο ΠΡΩΤΟΣ ΕΛΛΗΝ ΠΡΕΣΒΥΣ ΕΙΣ ΤΟ ΚΑΜΕΡΟΥΝ ΕΠΕΔΩΣΕΝ ΕΝ ΤΕΛΕΤΗ ΤΑ ΔΙΑΠΙΣΤΕΥΤΗΡΙΑ ΤΟΥ
ΓΙΑΟΥΝΤΕ, Καμερούν, 3 (Ρώυτερ). — Ο πρώτος πρέσβυς της Ελλάδος εις Καμερούν κ. Παπαγεωργίου επέδωσε τα διαπιστευτήριά του εις τον Πρόεδρον της Δημοκρατίας κ. Αχιτζό, κατά την διάρκειαν επισήμου τελετής. Ο Έλλην πρέσβυς εξέφρασε την επιθυμίαν της χώρας μας διά την ανάπτυξιν στενοτέρων σχέσεων.
ΓΙΑΟΥΝΤΕ, Καμερούν, 3 (Ρώυτερ). — Ο πρώτος πρέσβυς της Ελλάδος εις Καμερούν κ. Παπαγεωργίου επέδωσε τα διαπιστευτήριά του εις τον Πρόεδρον της Δημοκρατίας κ. Αχιτζό, κατά την διάρκειαν επισήμου τελετής. Ο Έλλην πρέσβυς εξέφρασε την επιθυμίαν της χώρας μας διά την ανάπτυξιν στενοτέρων σχέσεων.
ΠΡΟΒΛΕΠΕΤΑΙ Η ΔΗΜΙΟΥΡΓΙΑ ΕΙΣ ΑΜΕΡΙΚΗΝ ΣΟΒΑΡΟΥ ΟΙΚΟΝΟΜΙΚΟΥ ΠΛΕΟΝΑΣΜΑΤΟΣ
ΟΥΑΣΙΓΚΤΩΝ, 3 (Ηνωμ. Τύπος). — Ο επί του Εμπορίου υπουργός των Ηνωμένων Πολιτειών προέβλεψεν ότι το εμπορικόν ισοζύγιον της χώρας θα παρουσιάση σοβαρόν πλεόνασμα κατά το δεύτερον εξάμηνον του τρέχοντος έτους. Η πρόβλεψις στηρίζεται εις την υποτίμησιν του δολλαρίου και την αύξησιν των εξαγωγών. Κατά το 1972 το έλλειμμα είχε φθάσει τα 6,4 δισεκατομμύρια δολλάρια, αλλά τα νέα μέτρα αναμένεται να αντιστρέψουν την τάσιν.
ΟΥΑΣΙΓΚΤΩΝ, 3 (Ηνωμ. Τύπος). — Ο επί του Εμπορίου υπουργός των Ηνωμένων Πολιτειών προέβλεψεν ότι το εμπορικόν ισοζύγιον της χώρας θα παρουσιάση σοβαρόν πλεόνασμα κατά το δεύτερον εξάμηνον του τρέχοντος έτους. Η πρόβλεψις στηρίζεται εις την υποτίμησιν του δολλαρίου και την αύξησιν των εξαγωγών. Κατά το 1972 το έλλειμμα είχε φθάσει τα 6,4 δισεκατομμύρια δολλάρια, αλλά τα νέα μέτρα αναμένεται να αντιστρέψουν την τάσιν.
ΟΥΑΣΙΓΚΤΩΝ, 3 (Ηνωμ. Τύπος). — Ο επί του Εμπορίου υπουργός των Ηνωμένων Πολιτειών προέβλεψεν ότι το εμπορικόν ισοζύγιον της χώρας θα παρουσιάση σοβαρόν πλεόνασμα κατά το δεύτερον εξάμηνον του τρέχοντος έτους. Η πρόβλεψις στηρίζεται εις την υποτίμησιν του δολλαρίου και την αύξησιν των εξαγωγών. Κατά το 1972 το έλλειμμα είχε φθάσει τα 6,4 δισεκατομμύρια δολλάρια, αλλά τα νέα μέτρα αναμένεται να αντιστρέψουν την τάσιν.
ΟΥΑΣΙΓΚΤΩΝ, 3 (Ηνωμ. Τύπος). — Ο επί του Εμπορίου υπουργός των Ηνωμένων Πολιτειών προέβλεψεν ότι το εμπορικόν ισοζύγιον της χώρας θα παρουσιάση σοβαρόν πλεόνασμα κατά το δεύτερον εξάμηνον του τρέχοντος έτους. Η πρόβλεψις στηρίζεται εις την υποτίμησιν του δολλαρίου και την αύξησιν των εξαγωγών. Κατά το 1972 το έλλειμμα είχε φθάσει τα 6,4 δισεκατομμύρια δολλάρια, αλλά τα νέα μέτρα αναμένεται να αντιστρέψουν την τάσιν.
Η ΑΜΕΡΙΚΑΝΙΚΗ ΕΚΘΕΣΙΣ «ΠΡΟΟΔΟΣ ΚΑΙ ΠΕΡΙΒΑΛΛΟΝ» ΠΕΡΙΟΔΕΥΕΙ ΕΙΣ ΧΩΡΑΣ ΤΗΣ ΑΝΑΤΟΛΙΚΗΣ ΕΥΡΩΠΗΣ
ΟΥΑΣΙΓΚΤΩΝ, 3 (Ηνωμ. Τύπος). — Η έκθεσις «Πρόοδος και Περιβάλλον» της Υπηρεσίας Πληροφοριών των Ηνωμένων Πολιτειών θα περιοδεύση εις χώρας της Ανατολικής Ευρώπης. Η έκθεσις παρουσιάζει τας προσπαθείας των Η.Π.Α. διά την προστασίαν του περιβάλλοντος και την καταπολέμησιν της μολύνσεως. Θα εγκαινιασθή εις το Βουκουρέστι τον προσεχή μήνα.
ΟΥΑΣΙΓΚΤΩΝ, 3 (Ηνωμ. Τύπος). — Η έκθεσις «Πρόοδος και Περιβάλλον» της Υπηρεσίας Πληροφοριών των Ηνωμένων Πολιτειών θα περιοδεύση εις χώρας της Ανατολικής Ευρώπης. Η έκθεσις παρουσιάζει τας προσπαθείας των Η.Π.Α. διά την προστασίαν του περιβάλλοντος και την καταπολέμησιν της μολύνσεως. Θα εγκαινιασθή εις το Βουκουρέστι τον προσεχή μήνα.
ΟΥΑΣΙΓΚΤΩΝ, 3 (Ηνωμ. Τύπος). — Η έκθεσις «Πρόοδος και Περιβάλλον» της Υπηρεσίας Πληροφοριών των Ηνωμένων Πολιτειών θα περιοδεύση εις χώρας της Ανατολικής Ευρώπης. Η έκθεσις παρουσιάζει τας προσπαθείας των Η.Π.Α. διά την προστασίαν του περιβάλλοντος και την καταπολέμησιν της μολύνσεως. Θα εγκαινιασθή εις το Βουκουρέστι τον προσεχή μήνα.
ΟΥΑΣΙΓΚΤΩΝ, 3 (Ηνωμ. Τύπος). — Η έκθεσις «Πρόοδος και Περιβάλλον» της Υπηρεσίας Πληροφοριών των Ηνωμένων Πολιτειών θα περιοδεύση εις χώρας της Ανατολικής Ευρώπης. Η έκθεσις παρουσιάζει τας προσπαθείας των Η.Π.Α. διά την προστασίαν του περιβάλλοντος και την καταπολέμησιν της μολύνσεως. Θα εγκαινιασθή εις το Βουκουρέστι τον προσεχή μήνα.
ΠΡΟΑΓΩΓΑΙ, ΜΟΝΙΜΟΠΟΙΗΣΕΙΣ ΥΠΑΛΛΗΛΩΝ ΤΟΥ ΙΔΡΥΜΑΤΟΣ ΚΟΙΝΩΝΙΚΩΝ ΑΣΦΑΛΙΣΕΩΝ
ΑΘΗΝΑΙ, 3. — Διά πράξεως του διοικητού του Ιδρύματος Κοινωνικών Ασφαλίσεων προήχθησαν οι κάτωθι υπάλληλοι: Εις τον βαθμόν του τμηματάρχου Α΄: Αναστασίου Γεώργιος, Βασιλείου Νικόλαος, Γεωργιάδης Ιωάννης, Δημητρίου Κωνσταντίνος, Ευαγγέλου Μαρία, Ζαχαρίου Αικατερίνη, Θεοδωρόπουλος Παναγιώτης, Ιωαννίδης Σπυρίδων, Καραγιάννης Αθανάσιος, Λαμπρόπουλος Χρήστος, Μαυρίδης Στέφανος, Νικολάου Ελένη, Οικονόμου Δημήτριος, Παπαδάκης Μιχαήλ, Ραπτόπουλος Ευάγγελος, Σταματίου Ανδρέας, Τσακίρης Ηλίας, Φωτίου Αναστασία, Χατζής Γρηγόριος. Εις τον βαθμόν του εισηγητού Α΄: Αλεξίου Βασίλειος, Βλάχος Χαράλαμπος, Γαλάνης Πέτρος, Δρόσος Ιωάννης, Ευθυμίου Σοφία, Ζαφειρίου Νικόλαος, Ηλιόπουλος Θεόδωρος, Καλογεράκης Εμμανουήλ, Κωνσταντινίδης Αντώνιος, Λιάπης Γεώργιος, Μανωλάκης Σταύρος, Ντούσκας Απόστολος, Ξενάκης Κυριάκος, Παπαγεωργίου Αθηνά, Ρήγας Παύλος, Σιδέρης Λεωνίδας, Τζαννετάκης Κωνσταντίνος, Φραγκιαδάκης Ιωάννης, Χριστοδούλου Μαρίνα.
Εις τον βαθμόν του βοηθού Α΄: Αθανασίου Ευτυχία, Βαρβάρα Κυριακή, Γιαννοπούλου Δήμητρα, Δημάκης Νικόλαος, Εμμανουήλ Γεώργιος, Ζερβός Ιωάννης, Θεοχάρης Σωτήριος, Καραμανλής Σπυρίδων, Κουτσούκος Αριστείδης, Λαζαρίδης Χρήστος, Μαργαρίτης Ευάγγελος, Νάκος Παναγιώτης, Οικονομίδης Αλέξανδρος, Παπαϊωάννου Κλεοπάτρα, Ρουσσάκης Δημήτριος, Σπανός Στυλιανός, Τσιάρας Αθανάσιος, Φλώρος Ηλίας, Χρυσάνθου Βασιλική. Εις την θέσιν του βοηθού Β΄ εμονιμοποιήθησαν οι ακόλουθοι δόκιμοι υπάλληλοι: Αγγελάκης Νικόλαος, Βουρλιώτης Ιωάννης, Γεωργακάκης Ευάγγελος, Διαμαντόπουλος Σπυρίδων, Κατσαρός Γεώργιος, Λυκούδης Παναγιώτης, Μπεκιάρης Κωνσταντίνος, Παπαδημητρίου Μαρία, Σακελλαρίου Ελένη, Τσολάκης Αθανάσιος.
Εις τον βαθμόν του βοηθού Α΄: Αθανασίου Ευτυχία, Βαρβάρα Κυριακή, Γιαννοπούλου Δήμητρα, Δημάκης Νικόλαος, Εμμανουήλ Γεώργιος, Ζερβός Ιωάννης, Θεοχάρης Σωτήριος, Καραμανλής Σπυρίδων, Κουτσούκος Αριστείδης, Λαζαρίδης Χρήστος, Μαργαρίτης Ευάγγελος, Νάκος Παναγιώτης, Οικονομίδης Αλέξανδρος, Παπαϊωάννου Κλεοπάτρα, Ρουσσάκης Δημήτριος, Σπανός Στυλιανός, Τσιάρας Αθανάσιος, Φλώρος Ηλίας, Χρυσάνθου Βασιλική. Εις την θέσιν του βοηθού Β΄ εμονιμοποιήθησαν οι ακόλουθοι δόκιμοι υπάλληλοι: Αγγελάκης Νικόλαος, Βουρλιώτης Ιωάννης, Γεωργακάκης Ευάγγελος, Διαμαντόπουλος Σπυρίδων, Κατσαρός Γεώργιος, Λυκούδης Παναγιώτης, Μπεκιάρης Κωνσταντίνος, Παπαδημητρίου Μαρία, Σακελλαρίου Ελένη, Τσολάκης Αθανάσιος.
ΑΘΗΝΑΙ, 3. — Διά πράξεως του διοικητού του Ιδρύματος Κοινωνικών Ασφαλίσεων προήχθησαν οι κάτωθι υπάλληλοι: Εις τον βαθμόν του τμηματάρχου Α΄: Αναστασίου Γεώργιος, Βασιλείου Νικόλαος, Γεωργιάδης Ιωάννης, Δημητρίου Κωνσταντίνος, Ευαγγέλου Μαρία, Ζαχαρίου Αικατερίνη, Θεοδωρόπουλος Παναγιώτης, Ιωαννίδης Σπυρίδων, Καραγιάννης Αθανάσιος, Λαμπρόπουλος Χρήστος, Μαυρίδης Στέφανος, Νικολάου Ελένη, Οικονόμου Δημήτριος, Παπαδάκης Μιχαήλ, Ραπτόπουλος Ευάγγελος, Σταματίου Ανδρέας, Τσακίρης Ηλίας, Φωτίου Αναστασία, Χατζής Γρηγόριος. Εις τον βαθμόν του εισηγητού Α΄: Αλεξίου Βασίλειος, Βλάχος Χαράλαμπος, Γαλάνης Πέτρος, Δρόσος Ιωάννης, Ευθυμίου Σοφία, Ζαφειρίου Νικόλαος, Ηλιόπουλος Θεόδωρος, Καλογεράκης Εμμανουήλ, Κωνσταντινίδης Αντώνιος, Λιάπης Γεώργιος, Μανωλάκης Σταύρος, Ντούσκας Απόστολος, Ξενάκης Κυριάκος, Παπαγεωργίου Αθηνά, Ρήγας Παύλος, Σιδέρης Λεωνίδας, Τζαννετάκης Κωνσταντίνος, Φραγκιαδάκης Ιωάννης, Χριστοδούλου Μαρίνα.
